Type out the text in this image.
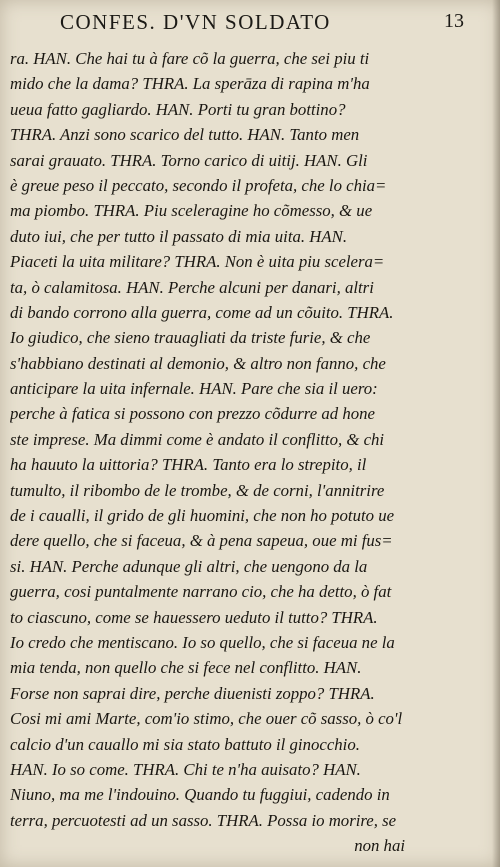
CONFES. D'VN SOLDATO	13
ra. HAN. Che hai tu à fare cõ la guerra, che sei piu ti
mido che la dama? THRA. La sperāza di rapina m'ha
ueua fatto gagliardo. HAN. Porti tu gran bottino?
THRA. Anzi sono scarico del tutto. HAN. Tanto men
sarai grauato. THRA. Torno carico di uitij. HAN. Gli
è greue peso il peccato, secondo il profeta, che lo chia=
ma piombo. THRA. Piu sceleragine ho cõmesso, & ue
duto iui, che per tutto il passato di mia uita. HAN.
Piaceti la uita militare? THRA. Non è uita piu scelera=
ta, ò calamitosa. HAN. Perche alcuni per danari, altri
di bando corrono alla guerra, come ad un cõuito. THRA.
Io giudico, che sieno trauagliati da triste furie, & che
s'habbiano destinati al demonio, & altro non fanno, che
anticipare la uita infernale. HAN. Pare che sia il uero:
perche à fatica si possono con prezzo cõdurre ad hone
ste imprese. Ma dimmi come è andato il conflitto, & chi
ha hauuto la uittoria? THRA. Tanto era lo strepito, il
tumulto, il ribombo de le trombe, & de corni, l'annitrire
de i caualli, il grido de gli huomini, che non ho potuto ue
dere quello, che si faceua, & à pena sapeua, oue mi fus=
si. HAN. Perche adunque gli altri, che uengono da la
guerra, cosi puntalmente narrano cio, che ha detto, ò fat
to ciascuno, come se hauessero ueduto il tutto? THRA.
Io credo che mentiscano. Io so quello, che si faceua ne la
mia tenda, non quello che si fece nel conflitto. HAN.
Forse non saprai dire, perche diuenisti zoppo? THRA.
Cosi mi ami Marte, com'io stimo, che ouer cõ sasso, ò co'l
calcio d'un cauallo mi sia stato battuto il ginocchio.
HAN. Io so come. THRA. Chi te n'ha auisato? HAN.
Niuno, ma me l'indouino. Quando tu fuggiui, cadendo in
terra, percuotesti ad un sasso. THRA. Possa io morire, se
non hai
